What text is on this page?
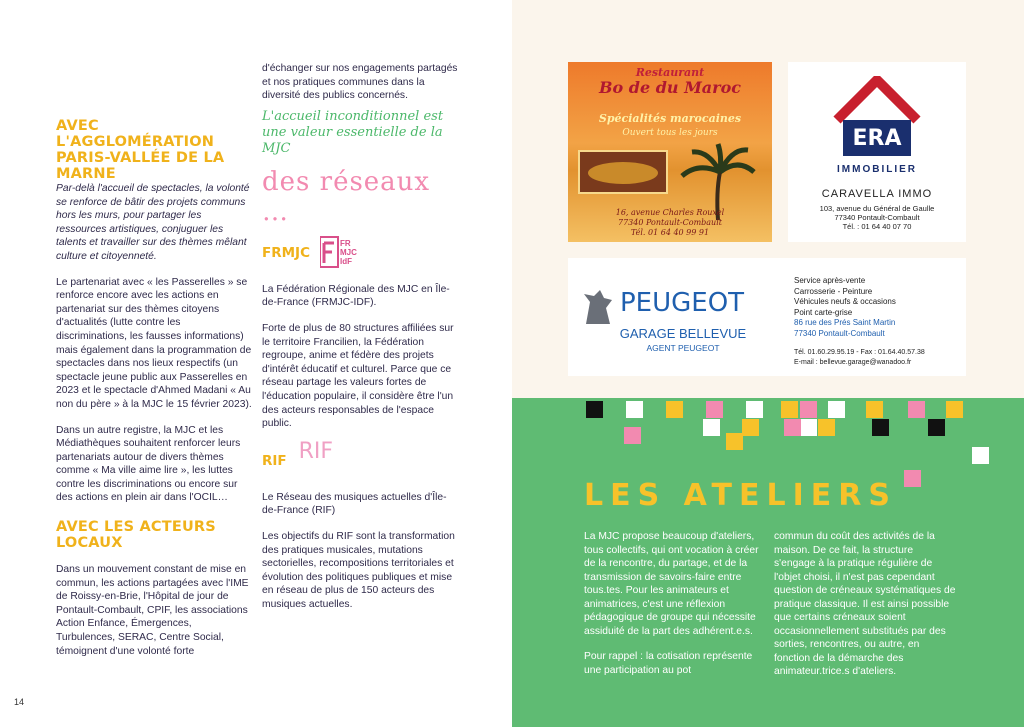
AVEC L'AGGLOMÉRATION PARIS-VALLÉE DE LA MARNE

Par-delà l'accueil de spectacles, la volonté se renforce de bâtir des projets communs hors les murs, pour partager les ressources artistiques, conjuguer les talents et travailler sur des thèmes mêlant culture et citoyenneté.

Le partenariat avec « les Passerelles » se renforce encore avec les actions en partenariat sur des thèmes citoyens d'actualités (lutte contre les discriminations, les fausses informations) mais également dans la programmation de spectacles dans nos lieux respectifs (un spectacle jeune public aux Passerelles en 2023 et le spectacle d'Ahmed Madani « Au non du père » à la MJC le 15 février 2023).

Dans un autre registre, la MJC et les Médiathèques souhaitent renforcer leurs partenariats autour de divers thèmes comme « Ma ville aime lire », les luttes contre les discriminations ou encore sur des actions en plein air dans l'OCIL…

AVEC LES ACTEURS LOCAUX

Dans un mouvement constant de mise en commun, les actions partagées avec l'IME de Roissy-en-Brie, l'Hôpital de jour de Pontault-Combault, CPIF, les associations Action Enfance, Émergences, Turbulences, SERAC, Centre Social, témoignent d'une volonté forte

d'échanger sur nos engagements partagés et nos pratiques communes dans la diversité des publics concernés.

L'accueil inconditionnel est une valeur essentielle de la MJC
des réseaux …
FRMJC
FR MJC IdF

La Fédération Régionale des MJC en Île-de-France (FRMJC-IDF).

Forte de plus de 80 structures affiliées sur le territoire Francilien, la Fédération regroupe, anime et fédère des projets d'intérêt éducatif et culturel. Parce que ce réseau partage les valeurs fortes de l'éducation populaire, il considère être l'un des acteurs responsables de l'espace public.

RIF RIF

Le Réseau des musiques actuelles d'Île-de-France (RIF)

Les objectifs du RIF sont la transformation des pratiques musicales, mutations sectorielles, recompositions territoriales et évolution des politiques publiques et mise en réseau de plus de 150 acteurs des musiques actuelles.

14
Restaurant
Bo de du Maroc
Spécialités marocaines
Ouvert tous les jours
16, avenue Charles Rouxel
77340 Pontault-Combault
Tél. 01 64 40 99 91
ERA
IMMOBILIER
CARAVELLA IMMO
103, avenue du Général de Gaulle
77340 Pontault-Combault
Tél. : 01 64 40 07 70
PEUGEOT
GARAGE BELLEVUE
AGENT PEUGEOT
Service après-vente
Carrosserie - Peinture
Véhicules neufs & occasions
Point carte-grise
86 rue des Prés Saint Martin
77340 Pontault-Combault
Tél. 01.60.29.95.19 - Fax : 01.64.40.57.38
E-mail : bellevue.garage@wanadoo.fr
LES ATELIERS

La MJC propose beaucoup d'ateliers, tous collectifs, qui ont vocation à créer de la rencontre, du partage, et de la transmission de savoirs-faire entre tous.tes. Pour les animateurs et animatrices, c'est une réflexion pédagogique de groupe qui nécessite assiduité de la part des adhérent.e.s.

Pour rappel : la cotisation représente une participation au pot

commun du coût des activités de la maison. De ce fait, la structure s'engage à la pratique régulière de l'objet choisi, il n'est pas cependant question de créneaux systématiques de pratique classique. Il est ainsi possible que certains créneaux soient occasionnellement substitués par des sorties, rencontres, ou autre, en fonction de la démarche des animateur.trice.s d'ateliers.
